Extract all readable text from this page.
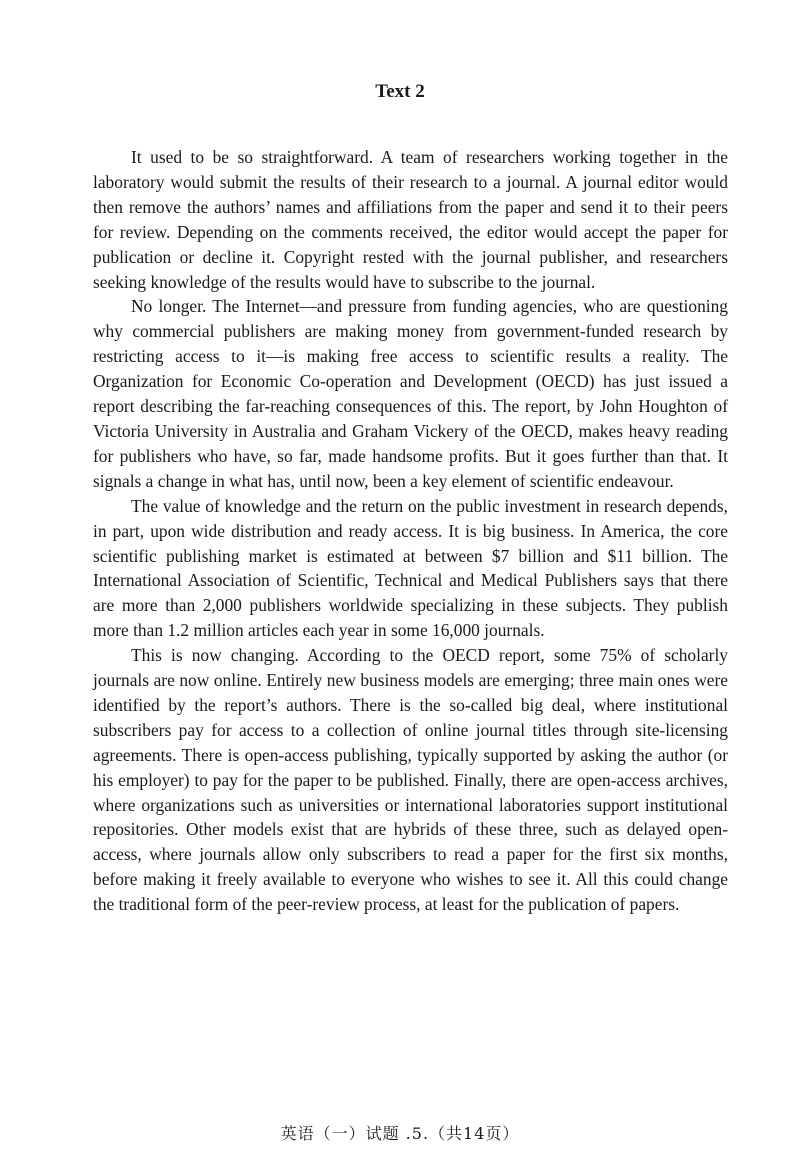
Text 2

It used to be so straightforward. A team of researchers working together in the laboratory would submit the results of their research to a journal. A journal editor would then remove the authors’ names and affiliations from the paper and send it to their peers for review. Depending on the comments received, the editor would accept the paper for publication or decline it. Copyright rested with the journal publisher, and researchers seeking knowledge of the results would have to subscribe to the journal.

No longer. The Internet—and pressure from funding agencies, who are questioning why commercial publishers are making money from government-funded research by restricting access to it—is making free access to scientific results a reality. The Organization for Economic Co-operation and Development (OECD) has just issued a report describing the far-reaching consequences of this. The report, by John Houghton of Victoria University in Australia and Graham Vickery of the OECD, makes heavy reading for publishers who have, so far, made handsome profits. But it goes further than that. It signals a change in what has, until now, been a key element of scientific endeavour.

The value of knowledge and the return on the public investment in research depends, in part, upon wide distribution and ready access. It is big business. In America, the core scientific publishing market is estimated at between $7 billion and $11 billion. The International Association of Scientific, Technical and Medical Publishers says that there are more than 2,000 publishers worldwide specializing in these subjects. They publish more than 1.2 million articles each year in some 16,000 journals.

This is now changing. According to the OECD report, some 75% of scholarly journals are now online. Entirely new business models are emerging; three main ones were identified by the report’s authors. There is the so-called big deal, where institutional subscribers pay for access to a collection of online journal titles through site-licensing agreements. There is open-access publishing, typically supported by asking the author (or his employer) to pay for the paper to be published. Finally, there are open-access archives, where organizations such as universities or international laboratories support institutional repositories. Other models exist that are hybrids of these three, such as delayed open-access, where journals allow only subscribers to read a paper for the first six months, before making it freely available to everyone who wishes to see it. All this could change the traditional form of the peer-review process, at least for the publication of papers.

英语（一）试题 .5.（共14页）
